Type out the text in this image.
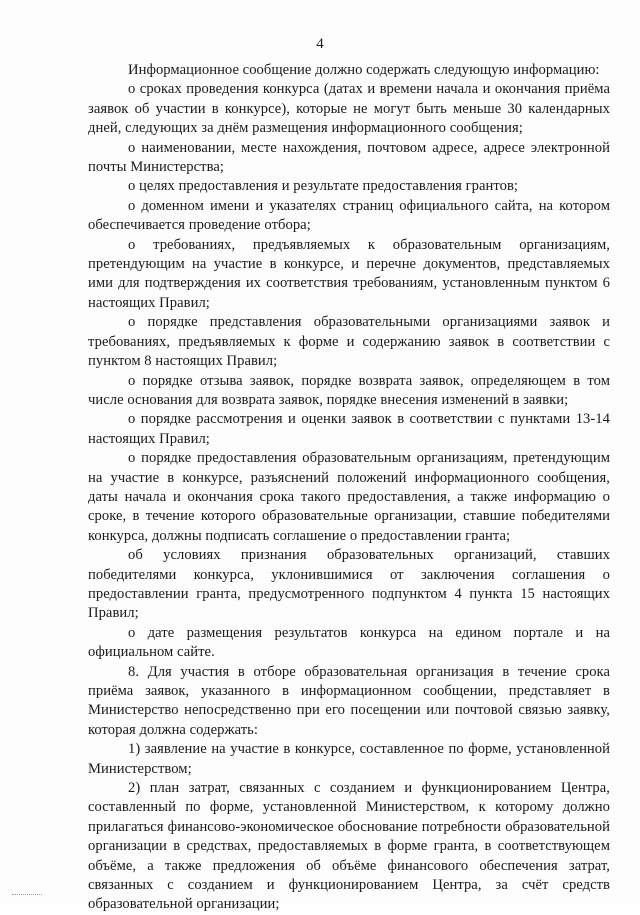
4

Информационное сообщение должно содержать следующую информацию:

о сроках проведения конкурса (датах и времени начала и окончания приёма заявок об участии в конкурсе), которые не могут быть меньше 30 календарных дней, следующих за днём размещения информационного сообщения;

о наименовании, месте нахождения, почтовом адресе, адресе электронной почты Министерства;

о целях предоставления и результате предоставления грантов;

о доменном имени и указателях страниц официального сайта, на котором обеспечивается проведение отбора;

о требованиях, предъявляемых к образовательным организациям, претендующим на участие в конкурсе, и перечне документов, представляемых ими для подтверждения их соответствия требованиям, установленным пунктом 6 настоящих Правил;

о порядке представления образовательными организациями заявок и требованиях, предъявляемых к форме и содержанию заявок в соответствии с пунктом 8 настоящих Правил;

о порядке отзыва заявок, порядке возврата заявок, определяющем в том числе основания для возврата заявок, порядке внесения изменений в заявки;

о порядке рассмотрения и оценки заявок в соответствии с пунктами 13-14 настоящих Правил;

о порядке предоставления образовательным организациям, претендующим на участие в конкурсе, разъяснений положений информационного сообщения, даты начала и окончания срока такого предоставления, а также информацию о сроке, в течение которого образовательные организации, ставшие победителями конкурса, должны подписать соглашение о предоставлении гранта;

об условиях признания образовательных организаций, ставших победителями конкурса, уклонившимися от заключения соглашения о предоставлении гранта, предусмотренного подпунктом 4 пункта 15 настоящих Правил;

о дате размещения результатов конкурса на едином портале и на официальном сайте.

8. Для участия в отборе образовательная организация в течение срока приёма заявок, указанного в информационном сообщении, представляет в Министерство непосредственно при его посещении или почтовой связью заявку, которая должна содержать:

1) заявление на участие в конкурсе, составленное по форме, установленной Министерством;

2) план затрат, связанных с созданием и функционированием Центра, составленный по форме, установленной Министерством, к которому должно прилагаться финансово-экономическое обоснование потребности образовательной организации в средствах, предоставляемых в форме гранта, в соответствующем объёме, а также предложения об объёме финансового обеспечения затрат, связанных с созданием и функционированием Центра, за счёт средств образовательной организации;
